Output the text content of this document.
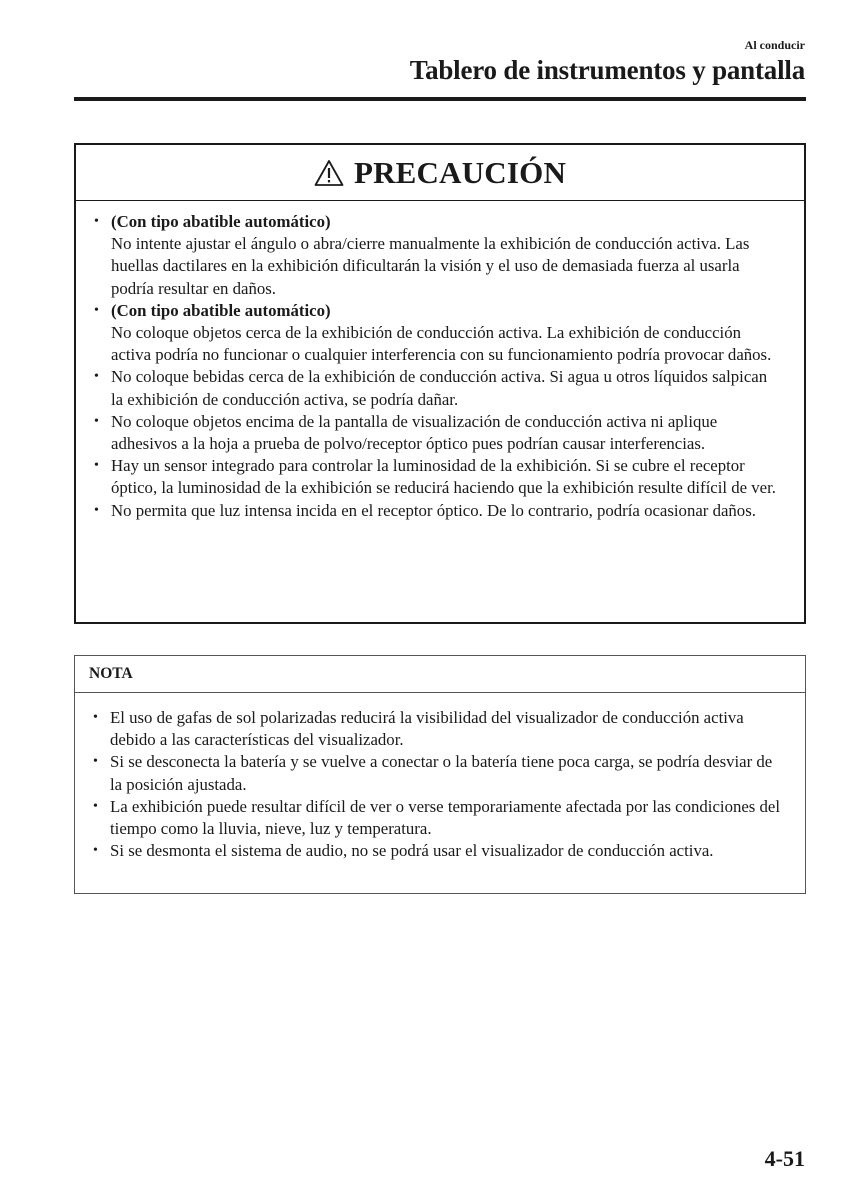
Al conducir
Tablero de instrumentos y pantalla
PRECAUCIÓN
• (Con tipo abatible automático)
No intente ajustar el ángulo o abra/cierre manualmente la exhibición de conducción activa. Las huellas dactilares en la exhibición dificultarán la visión y el uso de demasiada fuerza al usarla podría resultar en daños.
• (Con tipo abatible automático)
No coloque objetos cerca de la exhibición de conducción activa. La exhibición de conducción activa podría no funcionar o cualquier interferencia con su funcionamiento podría provocar daños.
• No coloque bebidas cerca de la exhibición de conducción activa. Si agua u otros líquidos salpican la exhibición de conducción activa, se podría dañar.
• No coloque objetos encima de la pantalla de visualización de conducción activa ni aplique adhesivos a la hoja a prueba de polvo/receptor óptico pues podrían causar interferencias.
• Hay un sensor integrado para controlar la luminosidad de la exhibición. Si se cubre el receptor óptico, la luminosidad de la exhibición se reducirá haciendo que la exhibición resulte difícil de ver.
• No permita que luz intensa incida en el receptor óptico. De lo contrario, podría ocasionar daños.
NOTA
• El uso de gafas de sol polarizadas reducirá la visibilidad del visualizador de conducción activa debido a las características del visualizador.
• Si se desconecta la batería y se vuelve a conectar o la batería tiene poca carga, se podría desviar de la posición ajustada.
• La exhibición puede resultar difícil de ver o verse temporariamente afectada por las condiciones del tiempo como la lluvia, nieve, luz y temperatura.
• Si se desmonta el sistema de audio, no se podrá usar el visualizador de conducción activa.
4-51
